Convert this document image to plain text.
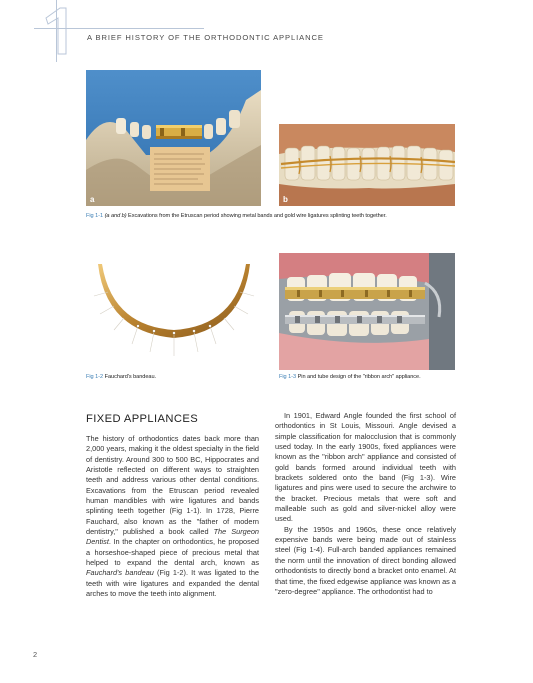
1
A BRIEF HISTORY OF THE ORTHODONTIC APPLIANCE
a	b
Fig 1-1 (a and b) Excavations from the Etruscan period showing metal bands and gold wire ligatures splinting teeth together.
Fig 1-2 Fauchard's bandeau.	Fig 1-3 Pin and tube design of the "ribbon arch" appliance.
FIXED APPLIANCES

The history of orthodontics dates back more than 2,000 years, making it the oldest specialty in the field of dentistry. Around 300 to 500 BC, Hippocrates and Aristotle reflected on different ways to straighten teeth and address various other dental conditions. Excavations from the Etruscan period revealed human mandibles with wire ligatures and bands splinting teeth together (Fig 1-1). In 1728, Pierre Fauchard, also known as the "father of modern dentistry," published a book called The Surgeon Dentist. In the chapter on orthodontics, he proposed a horseshoe-shaped piece of precious metal that helped to expand the dental arch, known as Fauchard's bandeau (Fig 1-2). It was ligated to the teeth with wire ligatures and expanded the dental arches to move the teeth into alignment.

In 1901, Edward Angle founded the first school of orthodontics in St Louis, Missouri. Angle devised a simple classification for malocclusion that is commonly used today. In the early 1900s, fixed appliances were known as the "ribbon arch" appliance and consisted of gold bands formed around individual teeth with brackets soldered onto the band (Fig 1-3). Wire ligatures and pins were used to secure the archwire to the bracket. Precious metals that were soft and malleable such as gold and silver-nickel alloy were used.

By the 1950s and 1960s, these once relatively expensive bands were being made out of stainless steel (Fig 1-4). Full-arch banded appliances remained the norm until the innovation of direct bonding allowed orthodontists to directly bond a bracket onto enamel. At that time, the fixed edgewise appliance was known as a "zero-degree" appliance. The orthodontist had to

2
